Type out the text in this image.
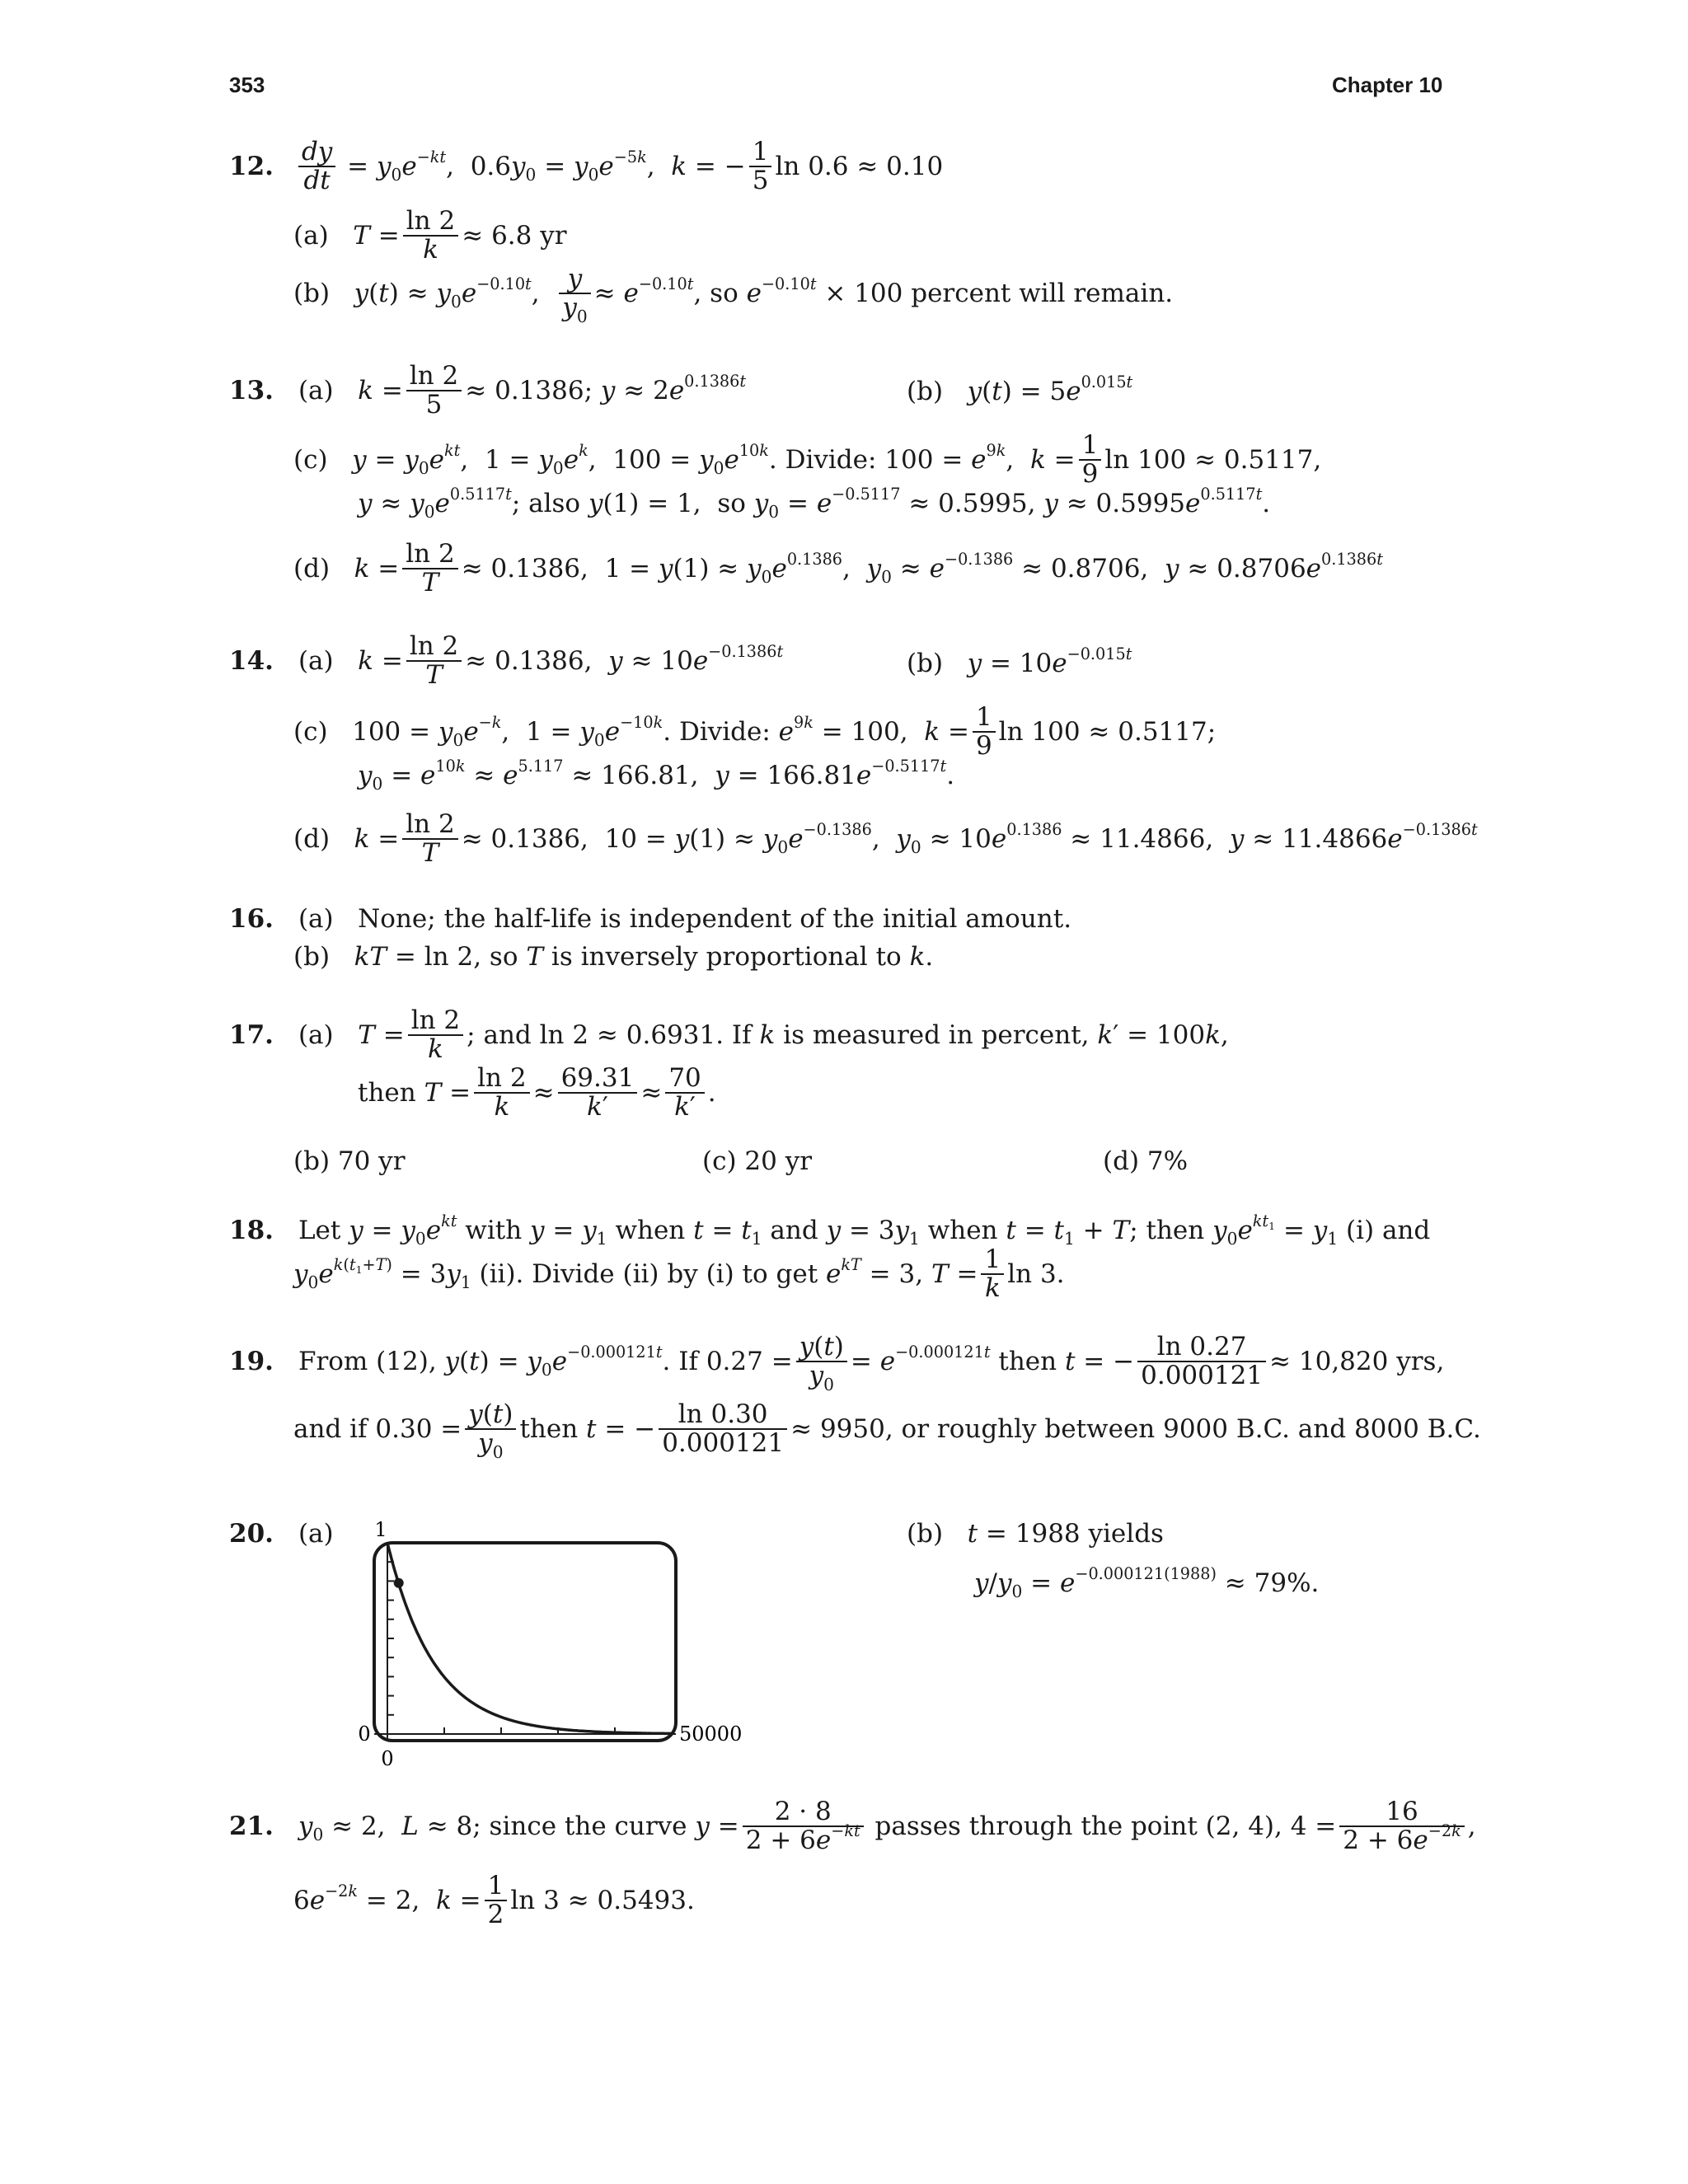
353	Chapter 10
12. $\frac{dy}{dt} = y_0e^{-kt}$,  $0.6y_0 = y_0e^{-5k}$,  k = − $\frac{1}{5}$ ln 0.6 ≈ 0.10
(a)   $T = \frac{\ln 2}{k} \approx 6.8$ yr
(b)   $y(t) \approx y_0e^{-0.10t}$, $\frac{y}{y_0} \approx e^{-0.10t}$, so $e^{-0.10t} \times 100$ percent will remain.
13. (a)   $k = \frac{\ln 2}{5} \approx 0.1386$; $y \approx 2e^{0.1386t}$	(b)   $y(t) = 5e^{0.015t}$
(c)   $y = y_0e^{kt}$,  $1 = y_0e^k$,  $100 = y_0e^{10k}$. Divide: $100 = e^{9k}$,  $k = \frac{1}{9}$ ln 100 ≈ 0.5117,
$y \approx y_0e^{0.5117t}$; also y(1) = 1,  so $y_0 = e^{-0.5117} \approx 0.5995$, $y \approx 0.5995e^{0.5117t}$.
(d)   $k = \frac{\ln 2}{T} \approx 0.1386$,  $1 = y(1) \approx y_0e^{0.1386}$,  $y_0 \approx e^{-0.1386} \approx 0.8706$,  $y \approx 0.8706e^{0.1386t}$
14. (a)   $k = \frac{\ln 2}{T} \approx 0.1386$,  $y \approx 10e^{-0.1386t}$	(b)   $y = 10e^{-0.015t}$
(c)   $100 = y_0e^{-k}$,  $1 = y_0e^{-10k}$. Divide: $e^{9k} = 100$,  $k = \frac{1}{9}$ ln 100 ≈ 0.5117;
$y_0 = e^{10k} \approx e^{5.117} \approx 166.81$,  $y = 166.81e^{-0.5117t}$.
(d)   $k = \frac{\ln 2}{T} \approx 0.1386$,  $10 = y(1) \approx y_0e^{-0.1386}$,  $y_0 \approx 10e^{0.1386} \approx 11.4866$,  $y \approx 11.4866e^{-0.1386t}$
16. (a)   None; the half-life is independent of the initial amount.
(b)   kT = ln 2, so T is inversely proportional to k.
17. (a)   $T = \frac{\ln 2}{k}$ ; and ln 2 ≈ 0.6931. If k is measured in percent, k′ = 100k,
then $T = \frac{\ln 2}{k} \approx \frac{69.31}{k'} \approx \frac{70}{k'}$ .
(b) 70 yr	(c) 20 yr	(d) 7%
18. Let $y = y_0e^{kt}$ with $y = y_1$ when $t = t_1$ and $y = 3y_1$ when $t = t_1 + T$; then $y_0e^{kt_1} = y_1$ (i) and
$y_0e^{k(t_1+T)} = 3y_1$ (ii). Divide (ii) by (i) to get $e^{kT} = 3$, $T = \frac{1}{k}$ ln 3.
19. From (12), $y(t) = y_0e^{-0.000121t}$. If $0.27 = \frac{y(t)}{y_0} = e^{-0.000121t}$ then t = − $\frac{\ln 0.27}{0.000121} \approx 10,820$ yrs,
and if $0.30 = \frac{y(t)}{y_0}$ then t = − $\frac{\ln 0.30}{0.000121} \approx 9950$, or roughly between 9000 B.C. and 8000 B.C.
20. (a)	(b)   t = 1988 yields
$y/y_0 = e^{-0.000121(1988)} \approx 79\%$.
1
0
0
50000
21. $y_0 \approx 2$,  L ≈ 8; since the curve $y = \frac{2 \cdot 8}{2 + 6e^{-kt}}$ passes through the point (2, 4), $4 = \frac{16}{2 + 6e^{-2k}}$ ,
$6e^{-2k} = 2$,  $k = \frac{1}{2}$ ln 3 ≈ 0.5493.
